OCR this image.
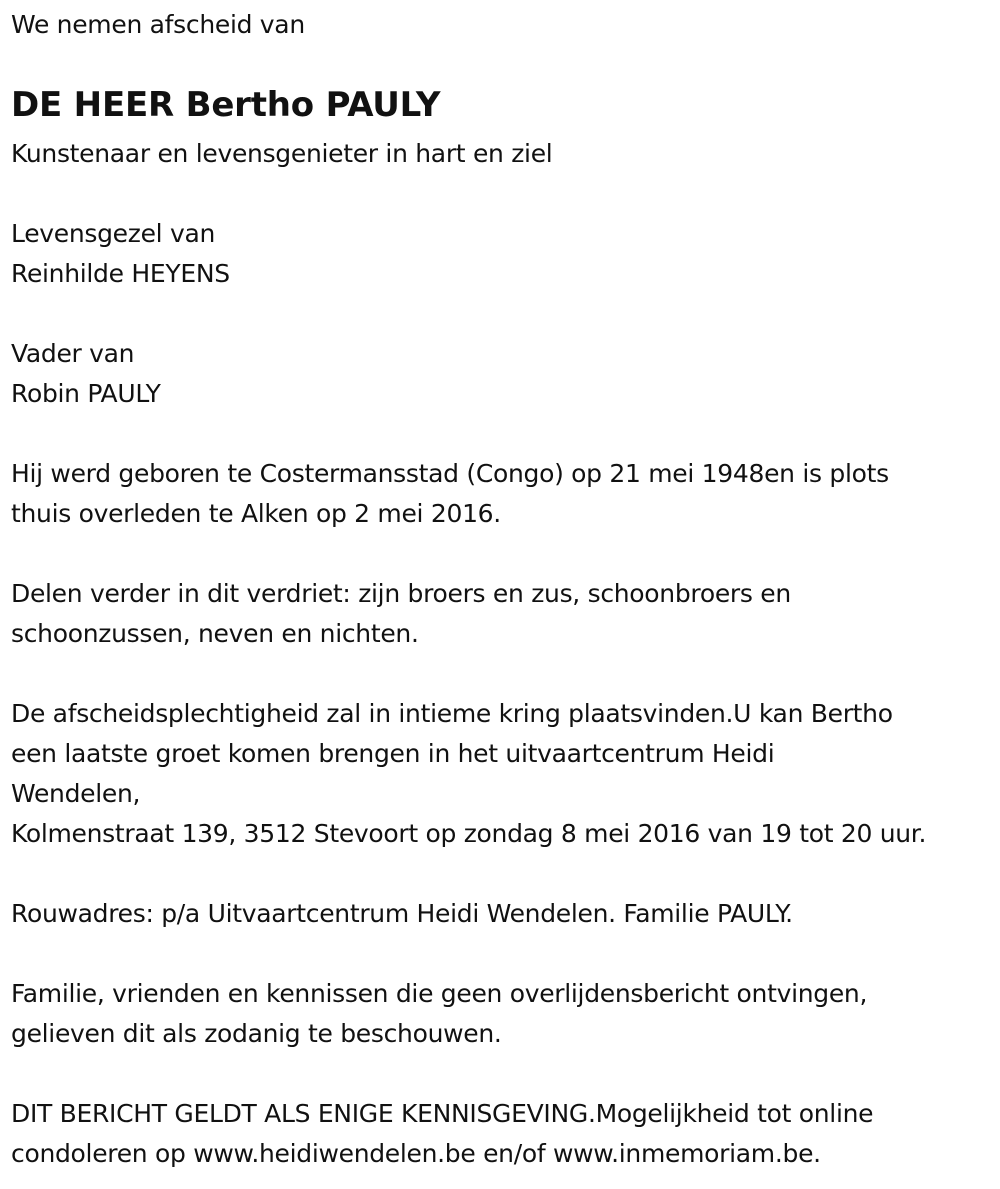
We nemen afscheid van
DE HEER Bertho PAULY
Kunstenaar en levensgenieter in hart en ziel
Levensgezel van
Reinhilde HEYENS
Vader van
Robin PAULY
Hij werd geboren te Costermansstad (Congo) op 21 mei 1948en is plots
thuis overleden te Alken op 2 mei 2016.
Delen verder in dit verdriet: zijn broers en zus, schoonbroers en
schoonzussen, neven en nichten.
De afscheidsplechtigheid zal in intieme kring plaatsvinden.U kan Bertho
een laatste groet komen brengen in het uitvaartcentrum Heidi
Wendelen,
Kolmenstraat 139, 3512 Stevoort op zondag 8 mei 2016 van 19 tot 20 uur.
Rouwadres: p/a Uitvaartcentrum Heidi Wendelen. Familie PAULY.
Familie, vrienden en kennissen die geen overlijdensbericht ontvingen,
gelieven dit als zodanig te beschouwen.
DIT BERICHT GELDT ALS ENIGE KENNISGEVING.Mogelijkheid tot online
condoleren op www.heidiwendelen.be en/of www.inmemoriam.be.
